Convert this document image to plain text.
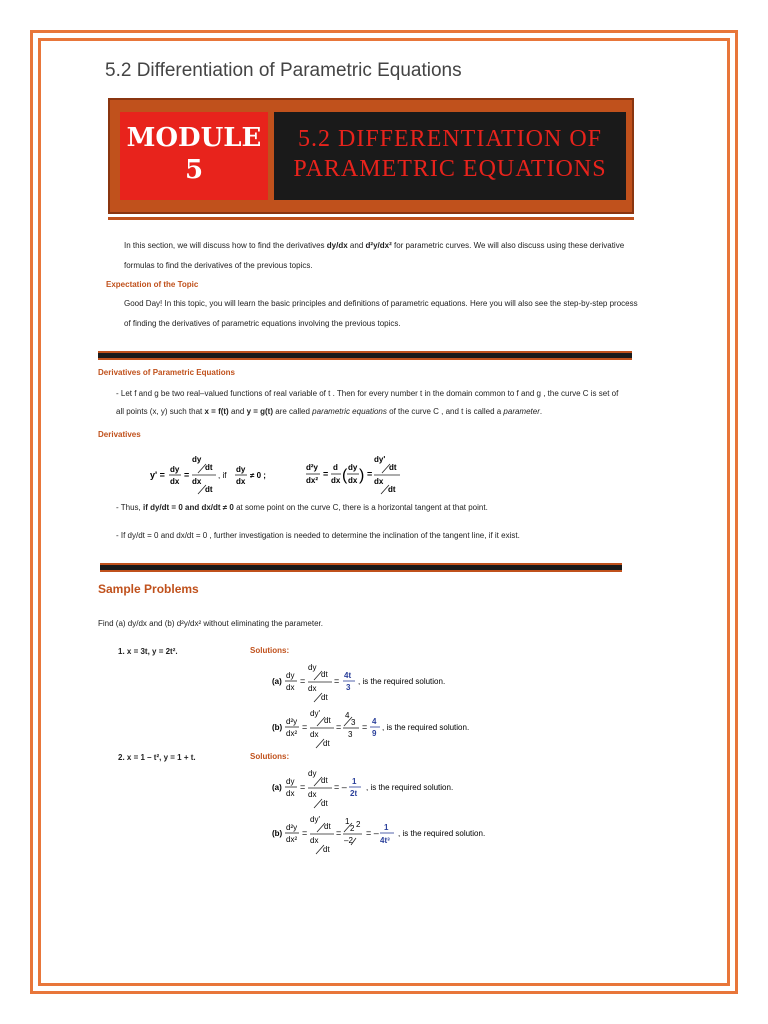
5.2 Differentiation of Parametric Equations
MODULE
5
5.2 DIFFERENTIATION OF
PARAMETRIC EQUATIONS
In this section, we will discuss how to find the derivatives dy/dx and d²y/dx² for parametric curves. We will also discuss using these derivative
formulas to find the derivatives of the previous topics.
Expectation of the Topic
Good Day! In this topic, you will learn the basic principles and definitions of parametric equations. Here you will also see the step-by-step process
of finding the derivatives of parametric equations involving the previous topics.
Derivatives of Parametric Equations
- Let f and g be two real–valued functions of real variable of t . Then for every number t in the domain common to f and g , the curve C is set of
all points (x, y) such that x = f(t) and y = g(t) are called parametric equations of the curve C , and t is called a parameter.
Derivatives
y' =
dy
dx
=
dy
dt
dx
dt
, if
dy
dx
≠ 0 ;
d²y
dx²
=
d
dx ( dy
dx ) =
dy'
dt
dx
dt
- Thus, if dy/dt = 0 and dx/dt ≠ 0 at some point on the curve C, there is a horizontal tangent at that point.
- If dy/dt = 0 and dx/dt = 0 , further investigation is needed to determine the inclination of the tangent line, if it exist.
Sample Problems
Find (a) dy/dx and (b) d²y/dx² without eliminating the parameter.
1. x = 3t, y = 2t².	Solutions:
(a)
dy
dx
=
dy
dt
dx
dt
=
4t
3
, is the required solution.
(b)
d²y
dx²
=
dy'
dt
dx
dt
=
4
3
3
=
4
9
, is the required solution.
2. x = 1 – t², y = 1 + t.	Solutions:
(a)
dy
dx
=
dy
dt
dx
dt
= –
1
2t
, is the required solution.
(b)
d²y
dx²
=
dy'
dt
dx
dt
=
1
2 2
–2
= –
1
4t³
, is the required solution.
